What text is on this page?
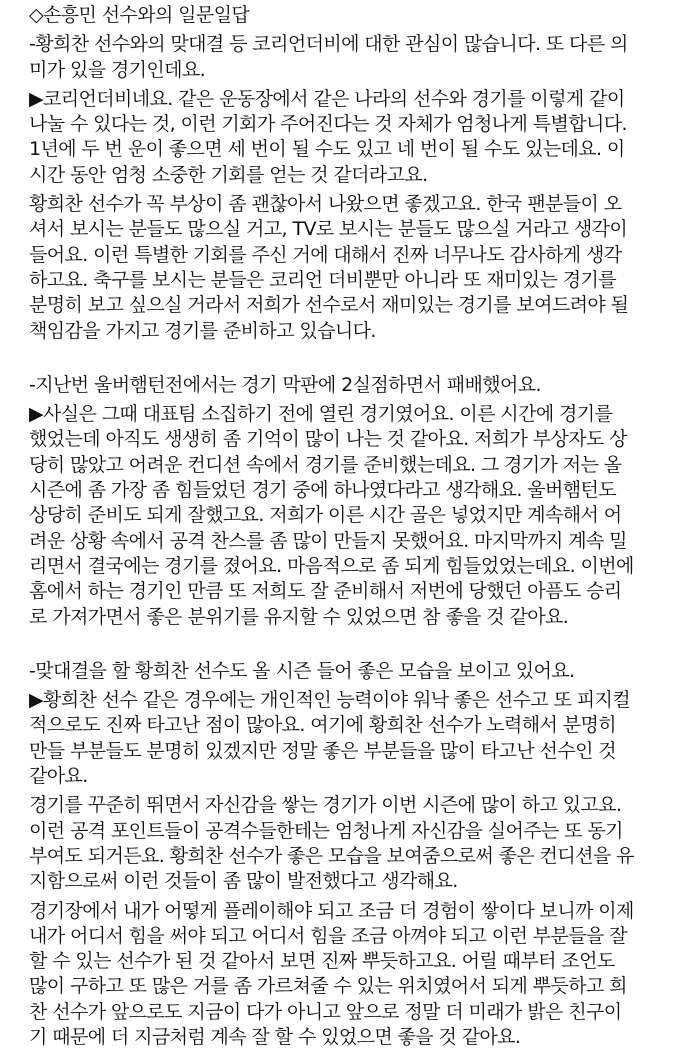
◇손흥민 선수와의 일문일답
-황희찬 선수와의 맞대결 등 코리언더비에 대한 관심이 많습니다. 또 다른 의
미가 있을 경기인데요.
▶코리언더비네요. 같은 운동장에서 같은 나라의 선수와 경기를 이렇게 같이
나눌 수 있다는 것, 이런 기회가 주어진다는 것 자체가 엄청나게 특별합니다.
1년에 두 번 운이 좋으면 세 번이 될 수도 있고 네 번이 될 수도 있는데요. 이
시간 동안 엄청 소중한 기회를 얻는 것 같더라고요.
황희찬 선수가 꼭 부상이 좀 괜찮아서 나왔으면 좋겠고요. 한국 팬분들이 오
셔서 보시는 분들도 많으실 거고, TV로 보시는 분들도 많으실 거라고 생각이
들어요. 이런 특별한 기회를 주신 거에 대해서 진짜 너무나도 감사하게 생각
하고요. 축구를 보시는 분들은 코리언 더비뿐만 아니라 또 재미있는 경기를
분명히 보고 싶으실 거라서 저희가 선수로서 재미있는 경기를 보여드려야 될
책임감을 가지고 경기를 준비하고 있습니다.
-지난번 울버햄턴전에서는 경기 막판에 2실점하면서 패배했어요.
▶사실은 그때 대표팀 소집하기 전에 열린 경기였어요. 이른 시간에 경기를
했었는데 아직도 생생히 좀 기억이 많이 나는 것 같아요. 저희가 부상자도 상
당히 많았고 어려운 컨디션 속에서 경기를 준비했는데요. 그 경기가 저는 올
시즌에 좀 가장 좀 힘들었던 경기 중에 하나였다라고 생각해요. 울버햄턴도
상당히 준비도 되게 잘했고요. 저희가 이른 시간 골은 넣었지만 계속해서 어
려운 상황 속에서 공격 찬스를 좀 많이 만들지 못했어요. 마지막까지 계속 밀
리면서 결국에는 경기를 졌어요. 마음적으로 좀 되게 힘들었었는데요. 이번에
홈에서 하는 경기인 만큼 또 저희도 잘 준비해서 저번에 당했던 아픔도 승리
로 가져가면서 좋은 분위기를 유지할 수 있었으면 참 좋을 것 같아요.
-맞대결을 할 황희찬 선수도 올 시즌 들어 좋은 모습을 보이고 있어요.
▶황희찬 선수 같은 경우에는 개인적인 능력이야 워낙 좋은 선수고 또 피지컬
적으로도 진짜 타고난 점이 많아요. 여기에 황희찬 선수가 노력해서 분명히
만들 부분들도 분명히 있겠지만 정말 좋은 부분들을 많이 타고난 선수인 것
같아요.
경기를 꾸준히 뛰면서 자신감을 쌓는 경기가 이번 시즌에 많이 하고 있고요.
이런 공격 포인트들이 공격수들한테는 엄청나게 자신감을 실어주는 또 동기
부여도 되거든요. 황희찬 선수가 좋은 모습을 보여줌으로써 좋은 컨디션을 유
지함으로써 이런 것들이 좀 많이 발전했다고 생각해요.
경기장에서 내가 어떻게 플레이해야 되고 조금 더 경험이 쌓이다 보니까 이제
내가 어디서 힘을 써야 되고 어디서 힘을 조금 아껴야 되고 이런 부분들을 잘
할 수 있는 선수가 된 것 같아서 보면 진짜 뿌듯하고요. 어릴 때부터 조언도
많이 구하고 또 많은 거를 좀 가르쳐줄 수 있는 위치였어서 되게 뿌듯하고 희
찬 선수가 앞으로도 지금이 다가 아니고 앞으로 정말 더 미래가 밝은 친구이
기 때문에 더 지금처럼 계속 잘 할 수 있었으면 좋을 것 같아요.
